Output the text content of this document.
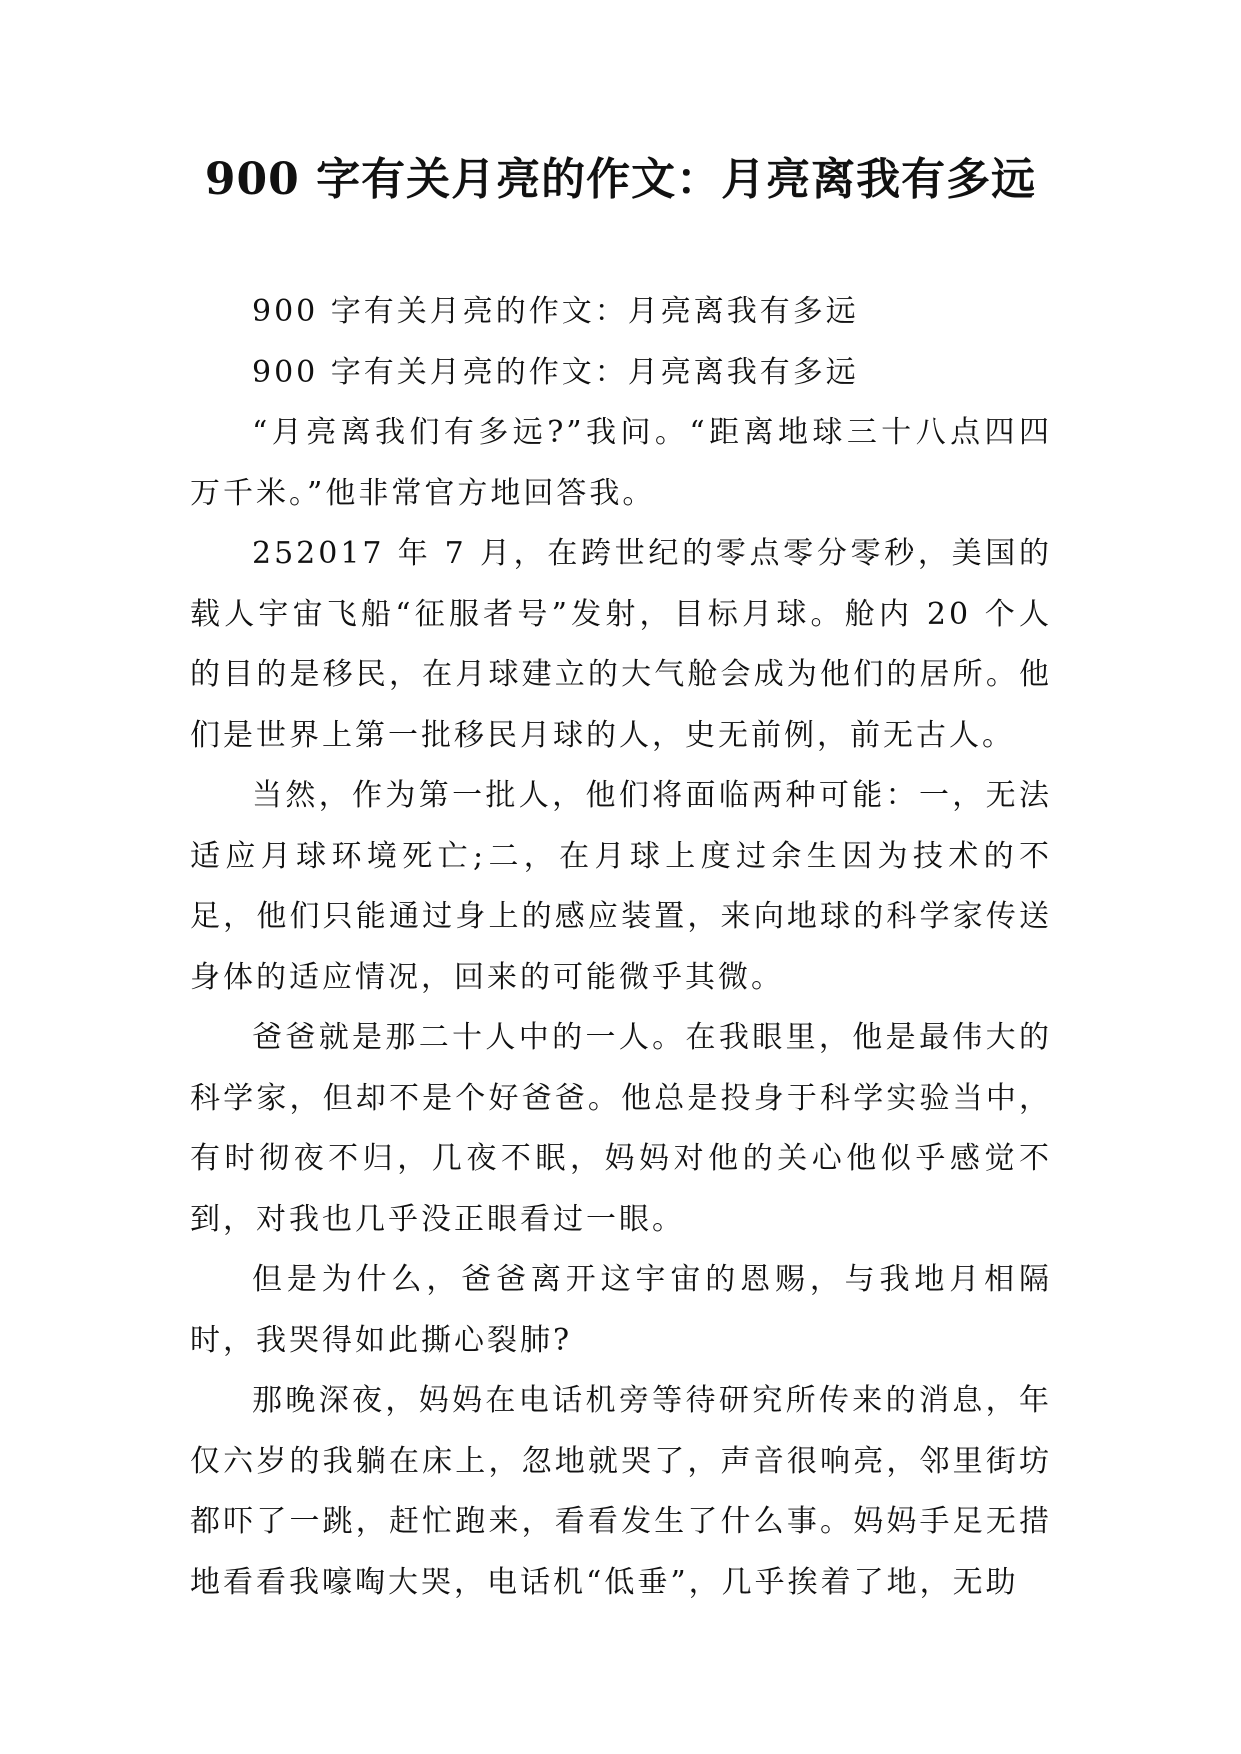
900 字有关月亮的作文：月亮离我有多远

900 字有关月亮的作文：月亮离我有多远

900 字有关月亮的作文：月亮离我有多远

“月亮离我们有多远?”我问。“距离地球三十八点四四万千米。”他非常官方地回答我。

252017 年 7 月，在跨世纪的零点零分零秒，美国的载人宇宙飞船“征服者号”发射，目标月球。舱内 20 个人的目的是移民，在月球建立的大气舱会成为他们的居所。他们是世界上第一批移民月球的人，史无前例，前无古人。

当然，作为第一批人，他们将面临两种可能：一，无法适应月球环境死亡;二，在月球上度过余生因为技术的不足，他们只能通过身上的感应装置，来向地球的科学家传送身体的适应情况，回来的可能微乎其微。

爸爸就是那二十人中的一人。在我眼里，他是最伟大的科学家，但却不是个好爸爸。他总是投身于科学实验当中，有时彻夜不归，几夜不眠，妈妈对他的关心他似乎感觉不到，对我也几乎没正眼看过一眼。

但是为什么，爸爸离开这宇宙的恩赐，与我地月相隔时，我哭得如此撕心裂肺?

那晚深夜，妈妈在电话机旁等待研究所传来的消息，年仅六岁的我躺在床上，忽地就哭了，声音很响亮，邻里街坊都吓了一跳，赶忙跑来，看看发生了什么事。妈妈手足无措地看看我嚎啕大哭，电话机“低垂”，几乎挨着了地，无助
